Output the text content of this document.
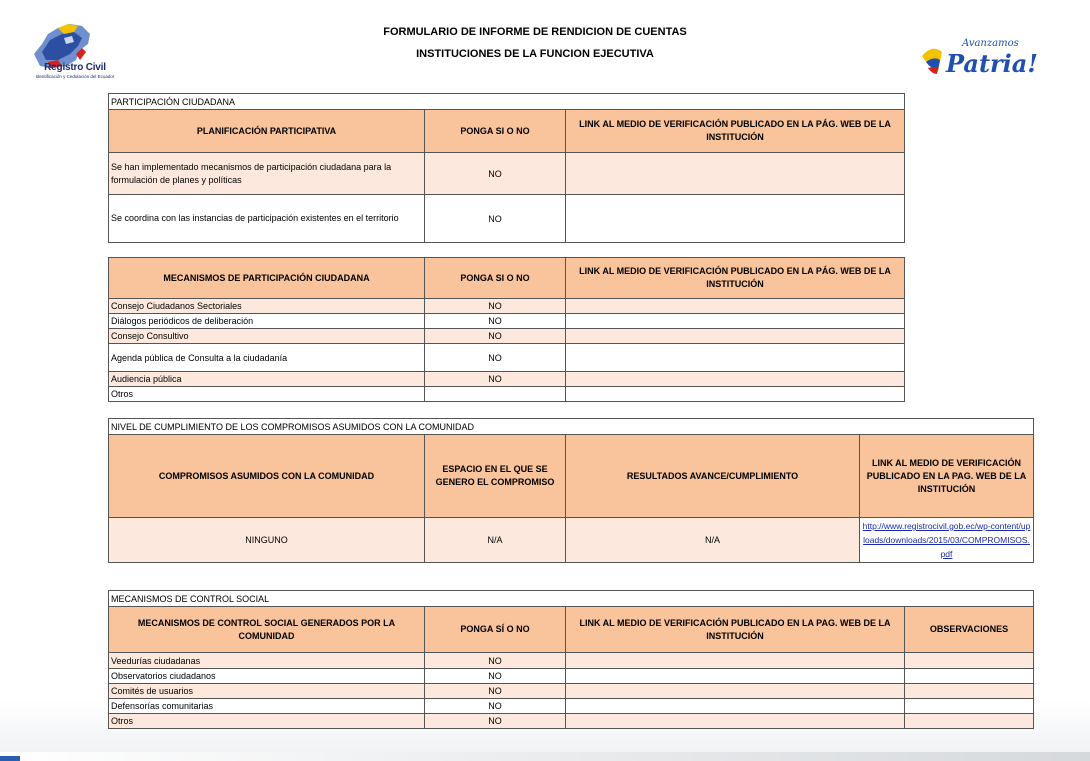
Registro Civil
Identificación y Cedulación del Ecuador
FORMULARIO DE INFORME DE RENDICION DE CUENTAS
INSTITUCIONES DE LA FUNCION EJECUTIVA
Avanzamos
Patria!
PARTICIPACIÓN CIUDADANA		
PLANIFICACIÓN PARTICIPATIVA	PONGA SI O NO	LINK AL MEDIO DE VERIFICACIÓN PUBLICADO EN LA PÁG. WEB DE LA INSTITUCIÓN
Se han implementado mecanismos de participación ciudadana para la formulación de planes y políticas	NO	
Se coordina con las instancias de participación existentes en el territorio	NO	
MECANISMOS DE PARTICIPACIÓN CIUDADANA	PONGA SI O NO	LINK AL MEDIO DE VERIFICACIÓN PUBLICADO EN LA PÁG. WEB DE LA INSTITUCIÓN
Consejo Ciudadanos Sectoriales	NO	
Diálogos periódicos de deliberación	NO	
Consejo Consultivo	NO	
Agenda pública de Consulta a la ciudadanía	NO	
Audiencia pública	NO	
Otros		
NIVEL DE CUMPLIMIENTO DE LOS COMPROMISOS ASUMIDOS CON LA COMUNIDAD			
COMPROMISOS ASUMIDOS CON LA COMUNIDAD	ESPACIO EN EL QUE SE GENERO EL COMPROMISO	RESULTADOS AVANCE/CUMPLIMIENTO	LINK AL MEDIO DE VERIFICACIÓN PUBLICADO EN LA PAG. WEB DE LA INSTITUCIÓN
NINGUNO	N/A	N/A	http://www.registrocivil.gob.ec/wp-content/uploads/downloads/2015/03/COMPROMISOS.pdf
MECANISMOS DE CONTROL SOCIAL			
MECANISMOS DE CONTROL SOCIAL GENERADOS POR LA COMUNIDAD	PONGA SÍ O NO	LINK AL MEDIO DE VERIFICACIÓN PUBLICADO EN LA PAG. WEB DE LA INSTITUCIÓN	OBSERVACIONES
Veedurías ciudadanas	NO		
Observatorios ciudadanos	NO		
Comités de usuarios	NO		
Defensorías comunitarias	NO		
Otros	NO		
